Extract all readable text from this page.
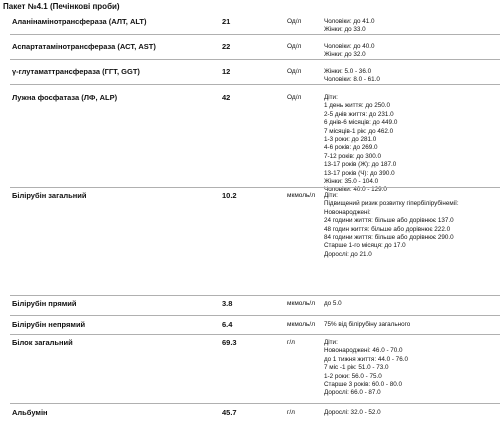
Пакет №4.1 (Печінкові проби)
Аланінамінотрансфераза (АЛТ, ALT)	21	Од/л	Чоловіки: до 41.0
Жінки: до 33.0
Аспартатамінотрансфераза (АСТ, AST)	22	Од/л	Чоловіки: до 40.0
Жінки: до 32.0
γ-глутаматтрансфераза (ГГТ, GGT)	12	Од/л	Жінки: 5.0 - 36.0
Чоловіки: 8.0 - 61.0
Лужна фосфатаза (ЛФ, ALP)	42	Од/л	Діти:
1 день життя: до 250.0
2-5 днів життя: до 231.0
6 днів-6 місяців: до 449.0
7 місяців-1 рік: до 462.0
1-3 роки: до 281.0
4-6 років: до 269.0
7-12 років: до 300.0
13-17 років (Ж): до 187.0
13-17 років (Ч): до 390.0
Жінки: 35.0 - 104.0
Чоловіки: 40.0 - 129.0
Білірубін загальний	10.2	мкмоль/л Діти:
Підвищений ризик розвитку гіпербілірубінемії:
Новонароджені:
24 години життя: більше або дорівнює 137.0
48 годин життя: більше або дорівнює 222.0
84 години життя: більше або дорівнює 290.0
Старше 1-го місяця: до 17.0
Дорослі: до 21.0
Білірубін прямий	3.8	мкмоль/л до 5.0
Білірубін непрямий	6.4	мкмоль/л 75% від білірубіну загального
Білок загальний	69.3	г/л	Діти:
Новонароджені: 46.0 - 70.0
до 1 тижня життя: 44.0 - 76.0
7 міс -1 рік: 51.0 - 73.0
1-2 роки: 56.0 - 75.0
Старше 3 років: 60.0 - 80.0
Дорослі: 66.0 - 87.0
Альбумін	45.7	г/л	Дорослі: 32.0 - 52.0
